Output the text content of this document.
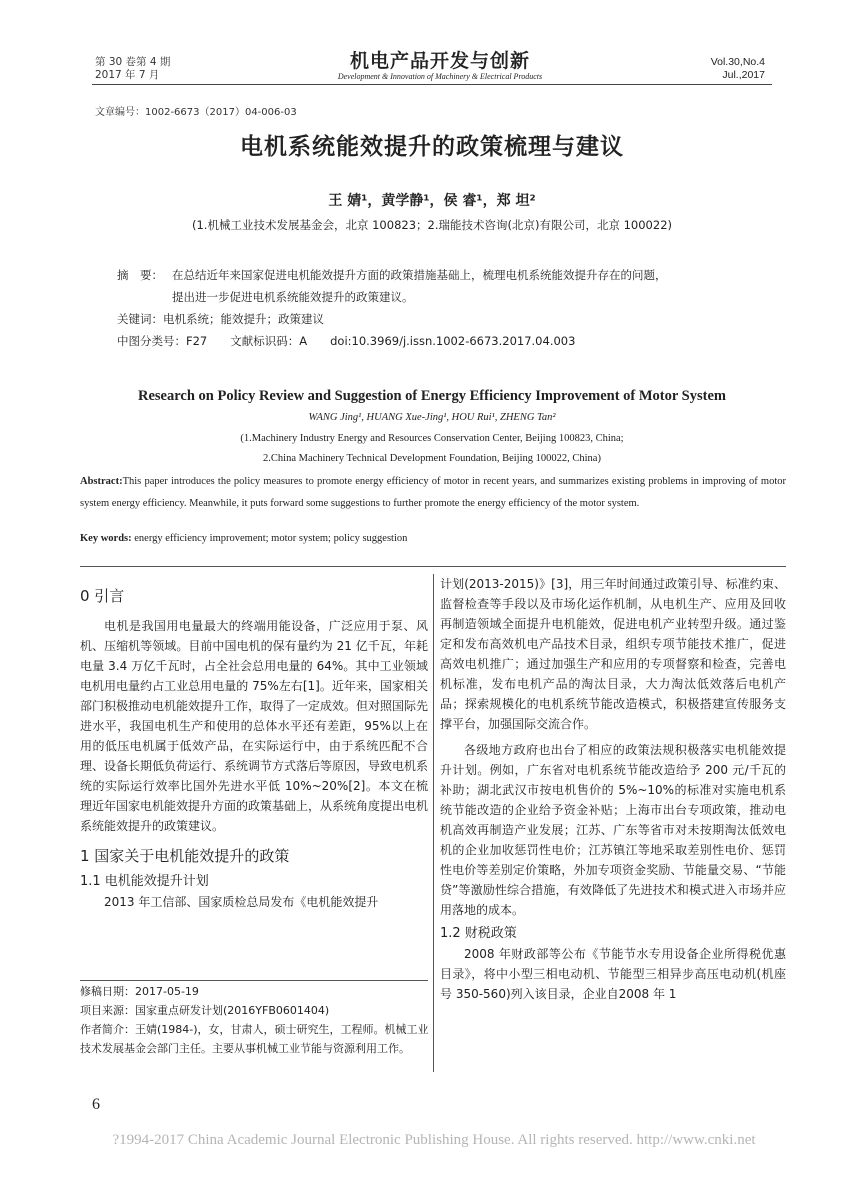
第 30 卷第 4 期
2017 年 7 月
机电产品开发与创新
Development & Innovation of Machinery & Electrical Products
Vol.30,No.4
Jul.,2017
文章编号：1002-6673（2017）04-006-03
电机系统能效提升的政策梳理与建议
王 婧¹，黄学静¹，侯 睿¹，郑 坦²
(1.机械工业技术发展基金会，北京 100823；2.瑞能技术咨询(北京)有限公司，北京 100022)
摘　要： 在总结近年来国家促进电机能效提升方面的政策措施基础上，梳理电机系统能效提升存在的问题，
提出进一步促进电机系统能效提升的政策建议。
关键词：电机系统；能效提升；政策建议
中图分类号：F27　　文献标识码：A　　doi:10.3969/j.issn.1002-6673.2017.04.003
Research on Policy Review and Suggestion of Energy Efficiency Improvement of Motor System
WANG Jing¹, HUANG Xue-Jing¹, HOU Rui¹, ZHENG Tan²
(1.Machinery Industry Energy and Resources Conservation Center, Beijing 100823, China;
2.China Machinery Technical Development Foundation, Beijing 100022, China)
Abstract:This paper introduces the policy measures to promote energy efficiency of motor in recent years, and summarizes existing problems in improving of motor system energy efficiency. Meanwhile, it puts forward some suggestions to further promote the energy efficiency of the motor system.
Key words: energy efficiency improvement; motor system; policy suggestion
0 引言

电机是我国用电量最大的终端用能设备，广泛应用于泵、风机、压缩机等领域。目前中国电机的保有量约为 21 亿千瓦，年耗电量 3.4 万亿千瓦时，占全社会总用电量的 64%。其中工业领域电机用电量约占工业总用电量的 75%左右[1]。近年来，国家相关部门积极推动电机能效提升工作，取得了一定成效。但对照国际先进水平，我国电机生产和使用的总体水平还有差距，95%以上在用的低压电机属于低效产品，在实际运行中，由于系统匹配不合理、设备长期低负荷运行、系统调节方式落后等原因，导致电机系统的实际运行效率比国外先进水平低 10%~20%[2]。本文在梳理近年国家电机能效提升方面的政策基础上，从系统角度提出电机系统能效提升的政策建议。

1 国家关于电机能效提升的政策
1.1 电机能效提升计划

2013 年工信部、国家质检总局发布《电机能效提升

修稿日期：2017-05-19
项目来源：国家重点研发计划(2016YFB0601404)
作者简介：王婧(1984-)，女，甘肃人，硕士研究生，工程师。机械工业技术发展基金会部门主任。主要从事机械工业节能与资源利用工作。

计划(2013-2015)》[3]，用三年时间通过政策引导、标准约束、监督检查等手段以及市场化运作机制，从电机生产、应用及回收再制造领域全面提升电机能效，促进电机产业转型升级。通过鉴定和发布高效机电产品技术目录，组织专项节能技术推广，促进高效电机推广；通过加强生产和应用的专项督察和检查，完善电机标准，发布电机产品的淘汰目录，大力淘汰低效落后电机产品；探索规模化的电机系统节能改造模式，积极搭建宣传服务支撑平台，加强国际交流合作。

各级地方政府也出台了相应的政策法规积极落实电机能效提升计划。例如，广东省对电机系统节能改造给予 200 元/千瓦的补助；湖北武汉市按电机售价的 5%~10%的标准对实施电机系统节能改造的企业给予资金补贴；上海市出台专项政策，推动电机高效再制造产业发展；江苏、广东等省市对未按期淘汰低效电机的企业加收惩罚性电价；江苏镇江等地采取差别性电价、惩罚性电价等差别定价策略，外加专项资金奖励、节能量交易、“节能贷”等激励性综合措施，有效降低了先进技术和模式进入市场并应用落地的成本。

1.2 财税政策

2008 年财政部等公布《节能节水专用设备企业所得税优惠目录》，将中小型三相电动机、节能型三相异步高压电动机(机座号 350-560)列入该目录，企业自2008 年 1

6
?1994-2017 China Academic Journal Electronic Publishing House. All rights reserved. http://www.cnki.net
